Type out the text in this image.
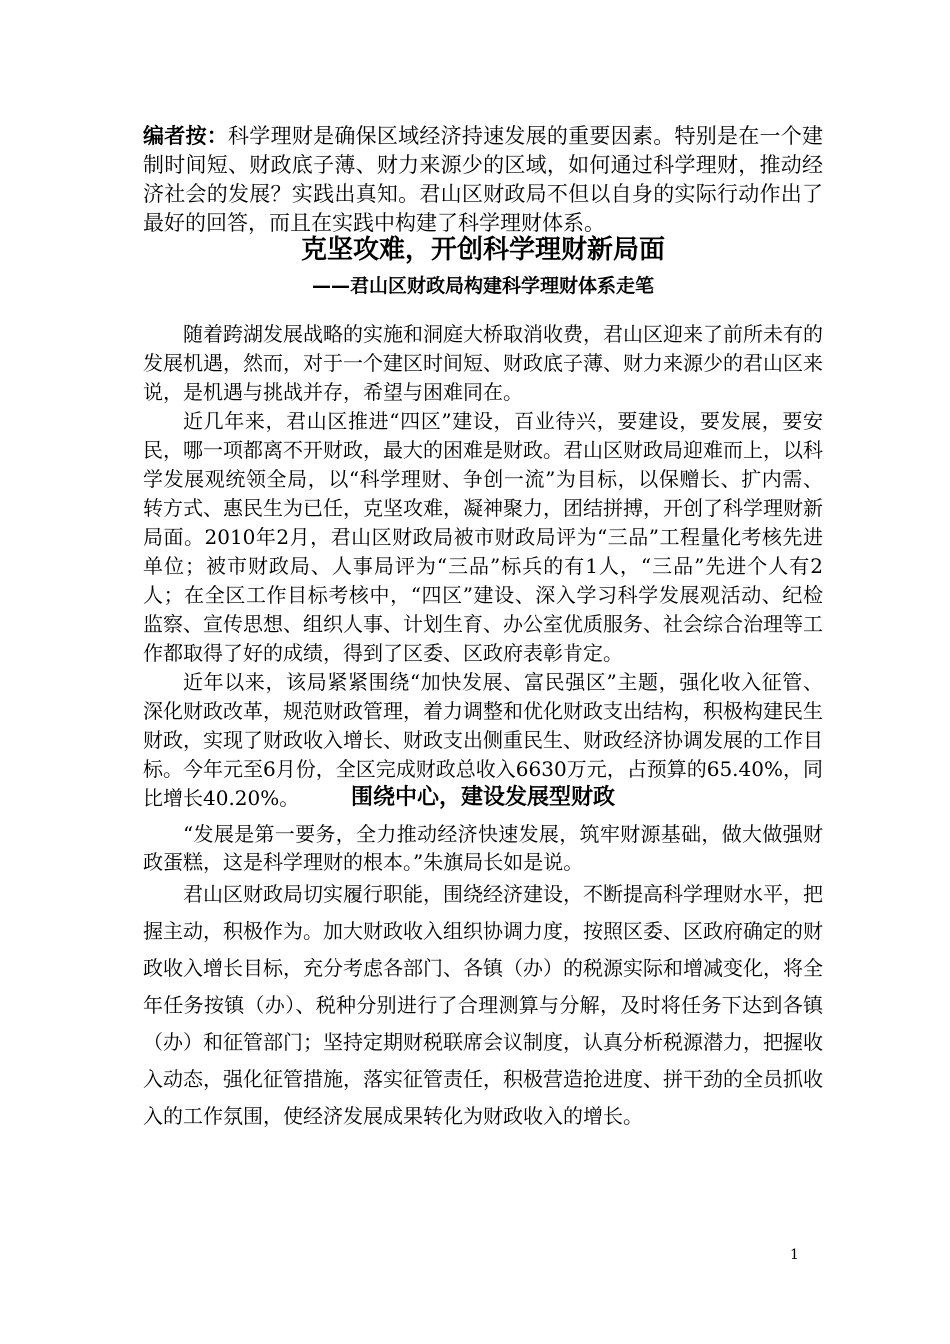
编者按：科学理财是确保区域经济持速发展的重要因素。特别是在一个建制时间短、财政底子薄、财力来源少的区域，如何通过科学理财，推动经济社会的发展？实践出真知。君山区财政局不但以自身的实际行动作出了最好的回答，而且在实践中构建了科学理财体系。
克坚攻难，开创科学理财新局面
——君山区财政局构建科学理财体系走笔

随着跨湖发展战略的实施和洞庭大桥取消收费，君山区迎来了前所未有的发展机遇，然而，对于一个建区时间短、财政底子薄、财力来源少的君山区来说，是机遇与挑战并存，希望与困难同在。

近几年来，君山区推进“四区”建设，百业待兴，要建设，要发展，要安民，哪一项都离不开财政，最大的困难是财政。君山区财政局迎难而上，以科学发展观统领全局，以“科学理财、争创一流”为目标，以保赠长、扩内需、转方式、惠民生为已任，克坚攻难，凝神聚力，团结拼搏，开创了科学理财新局面。2010年2月，君山区财政局被市财政局评为“三品”工程量化考核先进单位；被市财政局、人事局评为“三品”标兵的有1人，“三品”先进个人有2人；在全区工作目标考核中，“四区”建设、深入学习科学发展观活动、纪检监察、宣传思想、组织人事、计划生育、办公室优质服务、社会综合治理等工作都取得了好的成绩，得到了区委、区政府表彰肯定。

近年以来，该局紧紧围绕“加快发展、富民强区”主题，强化收入征管、深化财政改革，规范财政管理，着力调整和优化财政支出结构，积极构建民生财政，实现了财政收入增长、财政支出侧重民生、财政经济协调发展的工作目标。今年元至6月份，全区完成财政总收入6630万元，占预算的65.40%，同比增长40.20%。	围绕中心，建设发展型财政

“发展是第一要务，全力推动经济快速发展，筑牢财源基础，做大做强财政蛋糕，这是科学理财的根本。”朱旗局长如是说。

君山区财政局切实履行职能，围绕经济建设，不断提高科学理财水平，把握主动，积极作为。加大财政收入组织协调力度，按照区委、区政府确定的财政收入增长目标，充分考虑各部门、各镇（办）的税源实际和增减变化，将全年任务按镇（办）、税种分别进行了合理测算与分解，及时将任务下达到各镇（办）和征管部门；坚持定期财税联席会议制度，认真分析税源潜力，把握收入动态，强化征管措施，落实征管责任，积极营造抢进度、拼干劲的全员抓收入的工作氛围，使经济发展成果转化为财政收入的增长。

1
